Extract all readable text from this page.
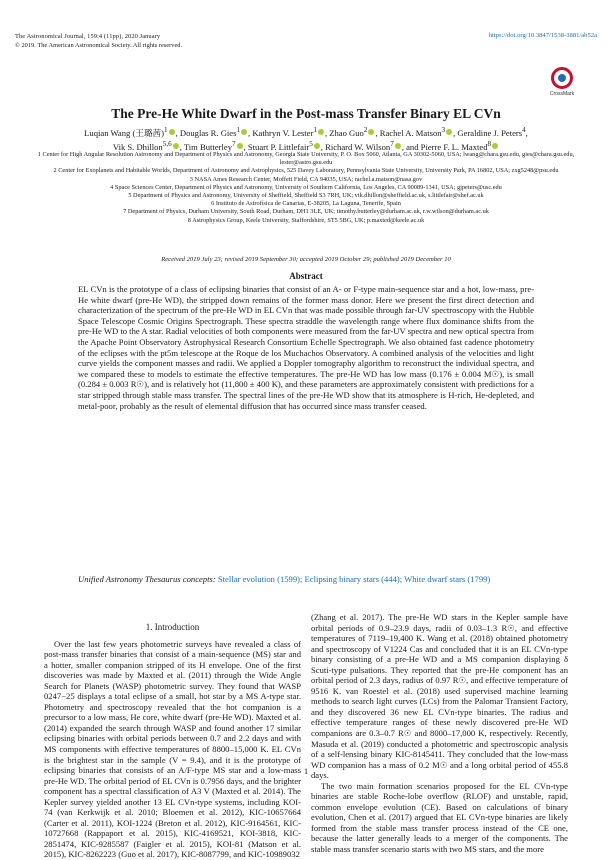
The Astronomical Journal, 159:4 (11pp), 2020 January
© 2019. The American Astronomical Society. All rights reserved.
https://doi.org/10.3847/1538-3881/ab52a
CrossMark
The Pre-He White Dwarf in the Post-mass Transfer Binary EL CVn
Luqian Wang (王璐茜)$^1$ , Douglas R. Gies$^1$ , Kathryn V. Lester$^1$ , Zhao Guo$^2$ , Rachel A. Matson$^3$ , Geraldine J. Peters$^4$,
Vik S. Dhillon$^{5,6}$ , Tim Butterley$^7$ , Stuart P. Littlefair$^5$ , Richard W. Wilson$^7$ , and Pierre F. L. Maxted$^8$
1 Center for High Angular Resolution Astronomy and Department of Physics and Astronomy, Georgia State University, P. O. Box 5060, Atlanta, GA 30302-5060, USA; lwang@chara.gsu.edu, gies@chara.gsu.edu, lester@astro.gsu.edu
2 Center for Exoplanets and Habitable Worlds, Department of Astronomy and Astrophysics, 525 Davey Laboratory, Pennsylvania State University, University Park, PA 16802, USA; zxg5248@psu.edu
3 NASA Ames Research Center, Moffett Field, CA 94035, USA; rachel.a.matson@nasa.gov
4 Space Sciences Center, Department of Physics and Astronomy, University of Southern California, Los Angeles, CA 90089-1341, USA; gjpeters@usc.edu
5 Department of Physics and Astronomy, University of Sheffield, Sheffield S3 7RH, UK; vik.dhillon@sheffield.ac.uk, s.littlefair@shef.ac.uk
6 Instituto de Astrofísica de Canarias, E-38205, La Laguna, Tenerife, Spain
7 Department of Physics, Durham University, South Road, Durham, DH1 3LE, UK; timothy.butterley@durham.ac.uk, r.w.wilson@durham.ac.uk
8 Astrophysics Group, Keele University, Staffordshire, ST5 5BG, UK; p.maxted@keele.ac.uk
Received 2019 July 23; revised 2019 September 30; accepted 2019 October 29; published 2019 December 10
Abstract
EL CVn is the prototype of a class of eclipsing binaries that consist of an A- or F-type main-sequence star and a hot, low-mass, pre-He white dwarf (pre-He WD), the stripped down remains of the former mass donor. Here we present the first direct detection and characterization of the spectrum of the pre-He WD in EL CVn that was made possible through far-UV spectroscopy with the Hubble Space Telescope Cosmic Origins Spectrograph. These spectra straddle the wavelength range where flux dominance shifts from the pre-He WD to the A star. Radial velocities of both components were measured from the far-UV spectra and new optical spectra from the Apache Point Observatory Astrophysical Research Consortium Echelle Spectrograph. We also obtained fast cadence photometry of the eclipses with the pt5m telescope at the Roque de los Muchachos Observatory. A combined analysis of the velocities and light curve yields the component masses and radii. We applied a Doppler tomography algorithm to reconstruct the individual spectra, and we compared these to models to estimate the effective temperatures. The pre-He WD has low mass (0.176 ± 0.004 M☉), is small (0.284 ± 0.003 R☉), and is relatively hot (11,800 ± 400 K), and these parameters are approximately consistent with predictions for a star stripped through stable mass transfer. The spectral lines of the pre-He WD show that its atmosphere is H-rich, He-depleted, and metal-poor, probably as the result of elemental diffusion that has occurred since mass transfer ceased.
Unified Astronomy Thesaurus concepts: Stellar evolution (1599); Eclipsing binary stars (444); White dwarf stars (1799)
1. Introduction

Over the last few years photometric surveys have revealed a class of post-mass transfer binaries that consist of a main-sequence (MS) star and a hotter, smaller companion stripped of its H envelope. One of the first discoveries was made by Maxted et al. (2011) through the Wide Angle Search for Planets (WASP) photometric survey. They found that WASP 0247−25 displays a total eclipse of a small, hot star by a MS A-type star. Photometry and spectroscopy revealed that the hot companion is a precursor to a low mass, He core, white dwarf (pre-He WD). Maxted et al. (2014) expanded the search through WASP and found another 17 similar eclipsing binaries with orbital periods between 0.7 and 2.2 days and with MS components with effective temperatures of 8800–15,000 K. EL CVn is the brightest star in the sample (V = 9.4), and it is the prototype of eclipsing binaries that consists of an A/F-type MS star and a low-mass pre-He WD. The orbital period of EL CVn is 0.7956 days, and the brighter component has a spectral classification of A3 V (Maxted et al. 2014). The Kepler survey yielded another 13 EL CVn-type systems, including KOI-74 (van Kerkwijk et al. 2010; Bloemen et al. 2012), KIC-10657664 (Carter et al. 2011), KOI-1224 (Breton et al. 2012), KIC-9164561, KIC-10727668 (Rappaport et al. 2015), KIC-4169521, KOI-3818, KIC-2851474, KIC-9285587 (Faigler et al. 2015), KOI-81 (Matson et al. 2015), KIC-8262223 (Guo et al. 2017), KIC-8087799, and KIC-10989032

(Zhang et al. 2017). The pre-He WD stars in the Kepler sample have orbital periods of 0.9–23.9 days, radii of 0.03–1.3 R☉, and effective temperatures of 7119–19,400 K. Wang et al. (2018) obtained photometry and spectroscopy of V1224 Cas and concluded that it is an EL CVn-type binary consisting of a pre-He WD and a MS companion displaying δ Scuti-type pulsations. They reported that the pre-He component has an orbital period of 2.3 days, radius of 0.97 R☉, and effective temperature of 9516 K. van Roestel et al. (2018) used supervised machine learning methods to search light curves (LCs) from the Palomar Transient Factory, and they discovered 36 new EL CVn-type binaries. The radius and effective temperature ranges of these newly discovered pre-He WD companions are 0.3–0.7 R☉ and 8000–17,000 K, respectively. Recently, Masuda et al. (2019) conducted a photometric and spectroscopic analysis of a self-lensing binary KIC-8145411. They concluded that the low-mass WD companion has a mass of 0.2 M☉ and a long orbital period of 455.8 days.

The two main formation scenarios proposed for the EL CVn-type binaries are stable Roche-lobe overflow (RLOF) and unstable, rapid, common envelope evolution (CE). Based on calculations of binary evolution, Chen et al. (2017) argued that EL CVn-type binaries are likely formed from the stable mass transfer process instead of the CE one, because the latter generally leads to a merger of the components. The stable mass transfer scenario starts with two MS stars, and the more

1
